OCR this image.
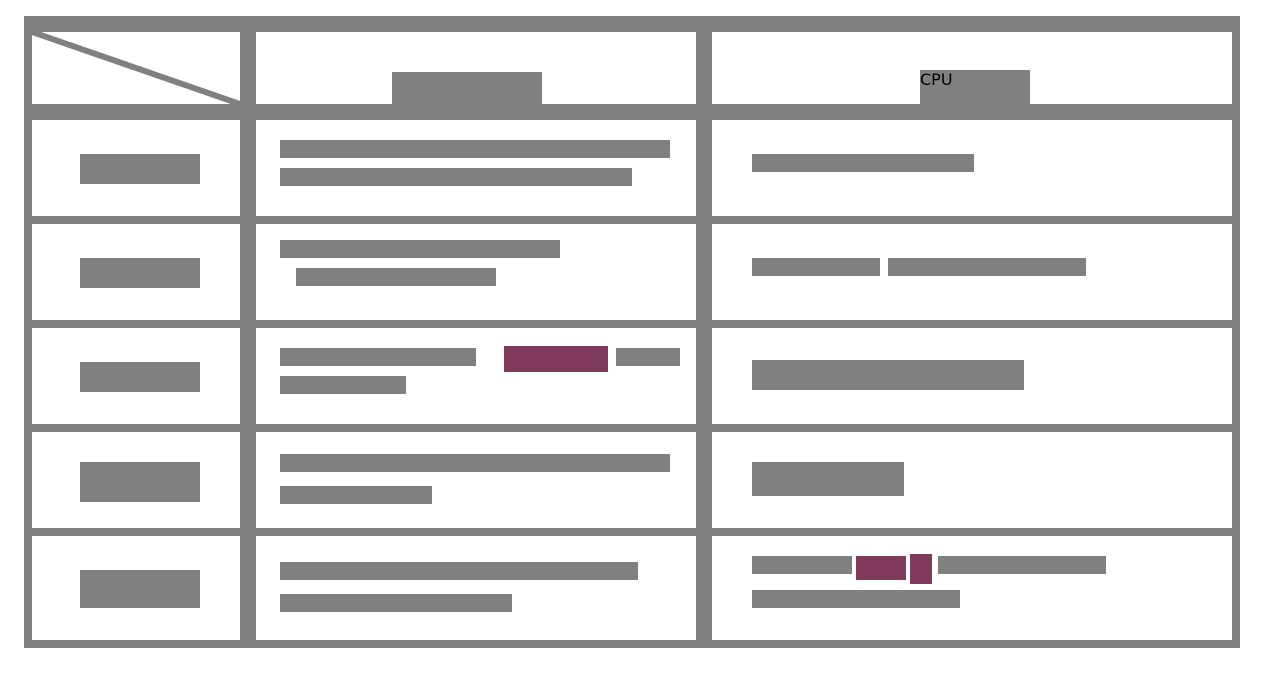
CPU
